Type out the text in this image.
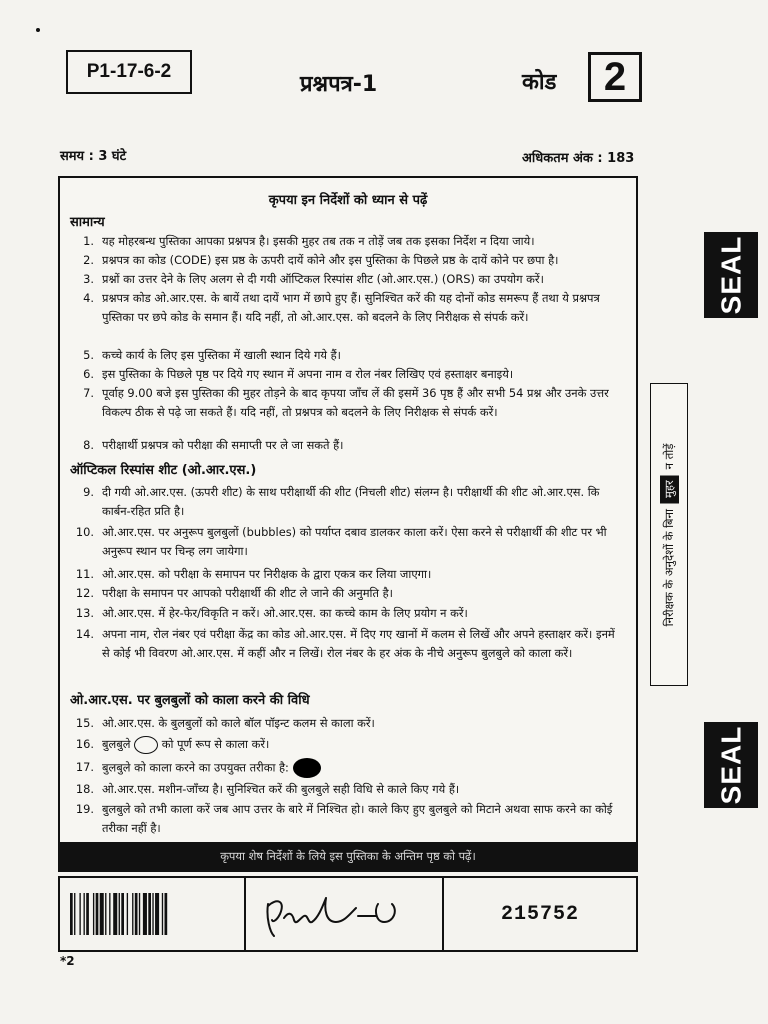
P1-17-6-2
प्रश्नपत्र-1	कोड 2
समय : 3 घंटे	अधिकतम अंक : 183
कृपया इन निर्देशों को ध्यान से पढ़ें
सामान्य
1. यह मोहरबन्ध पुस्तिका आपका प्रश्नपत्र है। इसकी मुहर तब तक न तोड़ें जब तक इसका निर्देश न दिया जाये।
2. प्रश्नपत्र का कोड (CODE) इस प्रष्ठ के ऊपरी दायें कोने और इस पुस्तिका के पिछले प्रष्ठ के दायें कोने पर छपा है।
3. प्रश्नों का उत्तर देने के लिए अलग से दी गयी ऑप्टिकल रिस्पांस शीट (ओ.आर.एस.) (ORS) का उपयोग करें।
4. प्रश्नपत्र कोड ओ.आर.एस. के बायें तथा दायें भाग में छापे हुए हैं। सुनिश्चित करें की यह दोनों कोड समरूप हैं तथा ये प्रश्नपत्र पुस्तिका पर छपे कोड के समान हैं। यदि नहीं, तो ओ.आर.एस. को बदलने के लिए निरीक्षक से संपर्क करें।
5. कच्चे कार्य के लिए इस पुस्तिका में खाली स्थान दिये गये हैं।
6. इस पुस्तिका के पिछले पृष्ठ पर दिये गए स्थान में अपना नाम व रोल नंबर लिखिए एवं हस्ताक्षर बनाइये।
7. पूर्वाह 9.00 बजे इस पुस्तिका की मुहर तोड़ने के बाद कृपया जाँच लें की इसमें 36 पृष्ठ हैं और सभी 54 प्रश्न और उनके उत्तर विकल्प ठीक से पढ़े जा सकते हैं। यदि नहीं, तो प्रश्नपत्र को बदलने के लिए निरीक्षक से संपर्क करें।
8. परीक्षार्थी प्रश्नपत्र को परीक्षा की समाप्ती पर ले जा सकते हैं।
ऑप्टिकल रिस्पांस शीट (ओ.आर.एस.)
9. दी गयी ओ.आर.एस. (ऊपरी शीट) के साथ परीक्षार्थी की शीट (निचली शीट) संलग्न है। परीक्षार्थी की शीट ओ.आर.एस. कि कार्बन-रहित प्रति है।
10. ओ.आर.एस. पर अनुरूप बुलबुलों (bubbles) को पर्याप्त दबाव डालकर काला करें। ऐसा करने से परीक्षार्थी की शीट पर भी अनुरूप स्थान पर चिन्ह लग जायेगा।
11. ओ.आर.एस. को परीक्षा के समापन पर निरीक्षक के द्वारा एकत्र कर लिया जाएगा।
12. परीक्षा के समापन पर आपको परीक्षार्थी की शीट ले जाने की अनुमति है।
13. ओ.आर.एस. में हेर-फेर/विकृति न करें। ओ.आर.एस. का कच्चे काम के लिए प्रयोग न करें।
14. अपना नाम, रोल नंबर एवं परीक्षा केंद्र का कोड ओ.आर.एस. में दिए गए खानों में कलम से लिखें और अपने हस्ताक्षर करें। इनमें से कोई भी विवरण ओ.आर.एस. में कहीं और न लिखें। रोल नंबर के हर अंक के नीचे अनुरूप बुलबुले को काला करें।
ओ.आर.एस. पर बुलबुलों को काला करने की विधि
15. ओ.आर.एस. के बुलबुलों को काले बॉल पॉइन्ट कलम से काला करें।
16. बुलबुले	को पूर्ण रूप से काला करें।
17. बुलबुले को काला करने का उपयुक्त तरीका है:
18. ओ.आर.एस. मशीन-जाँच्य है। सुनिश्चित करें की बुलबुले सही विधि से काले किए गये हैं।
19. बुलबुले को तभी काला करें जब आप उत्तर के बारे में निश्चित हो। काले किए हुए बुलबुले को मिटाने अथवा साफ करने का कोई तरीका नहीं है।
कृपया शेष निर्देशों के लिये इस पुस्तिका के अन्तिम पृष्ठ को पढ़ें।
215752
*2
SEAL
SEAL
निरीक्षक के अनुदेशों के बिना
मुहर
न तोड़ें
